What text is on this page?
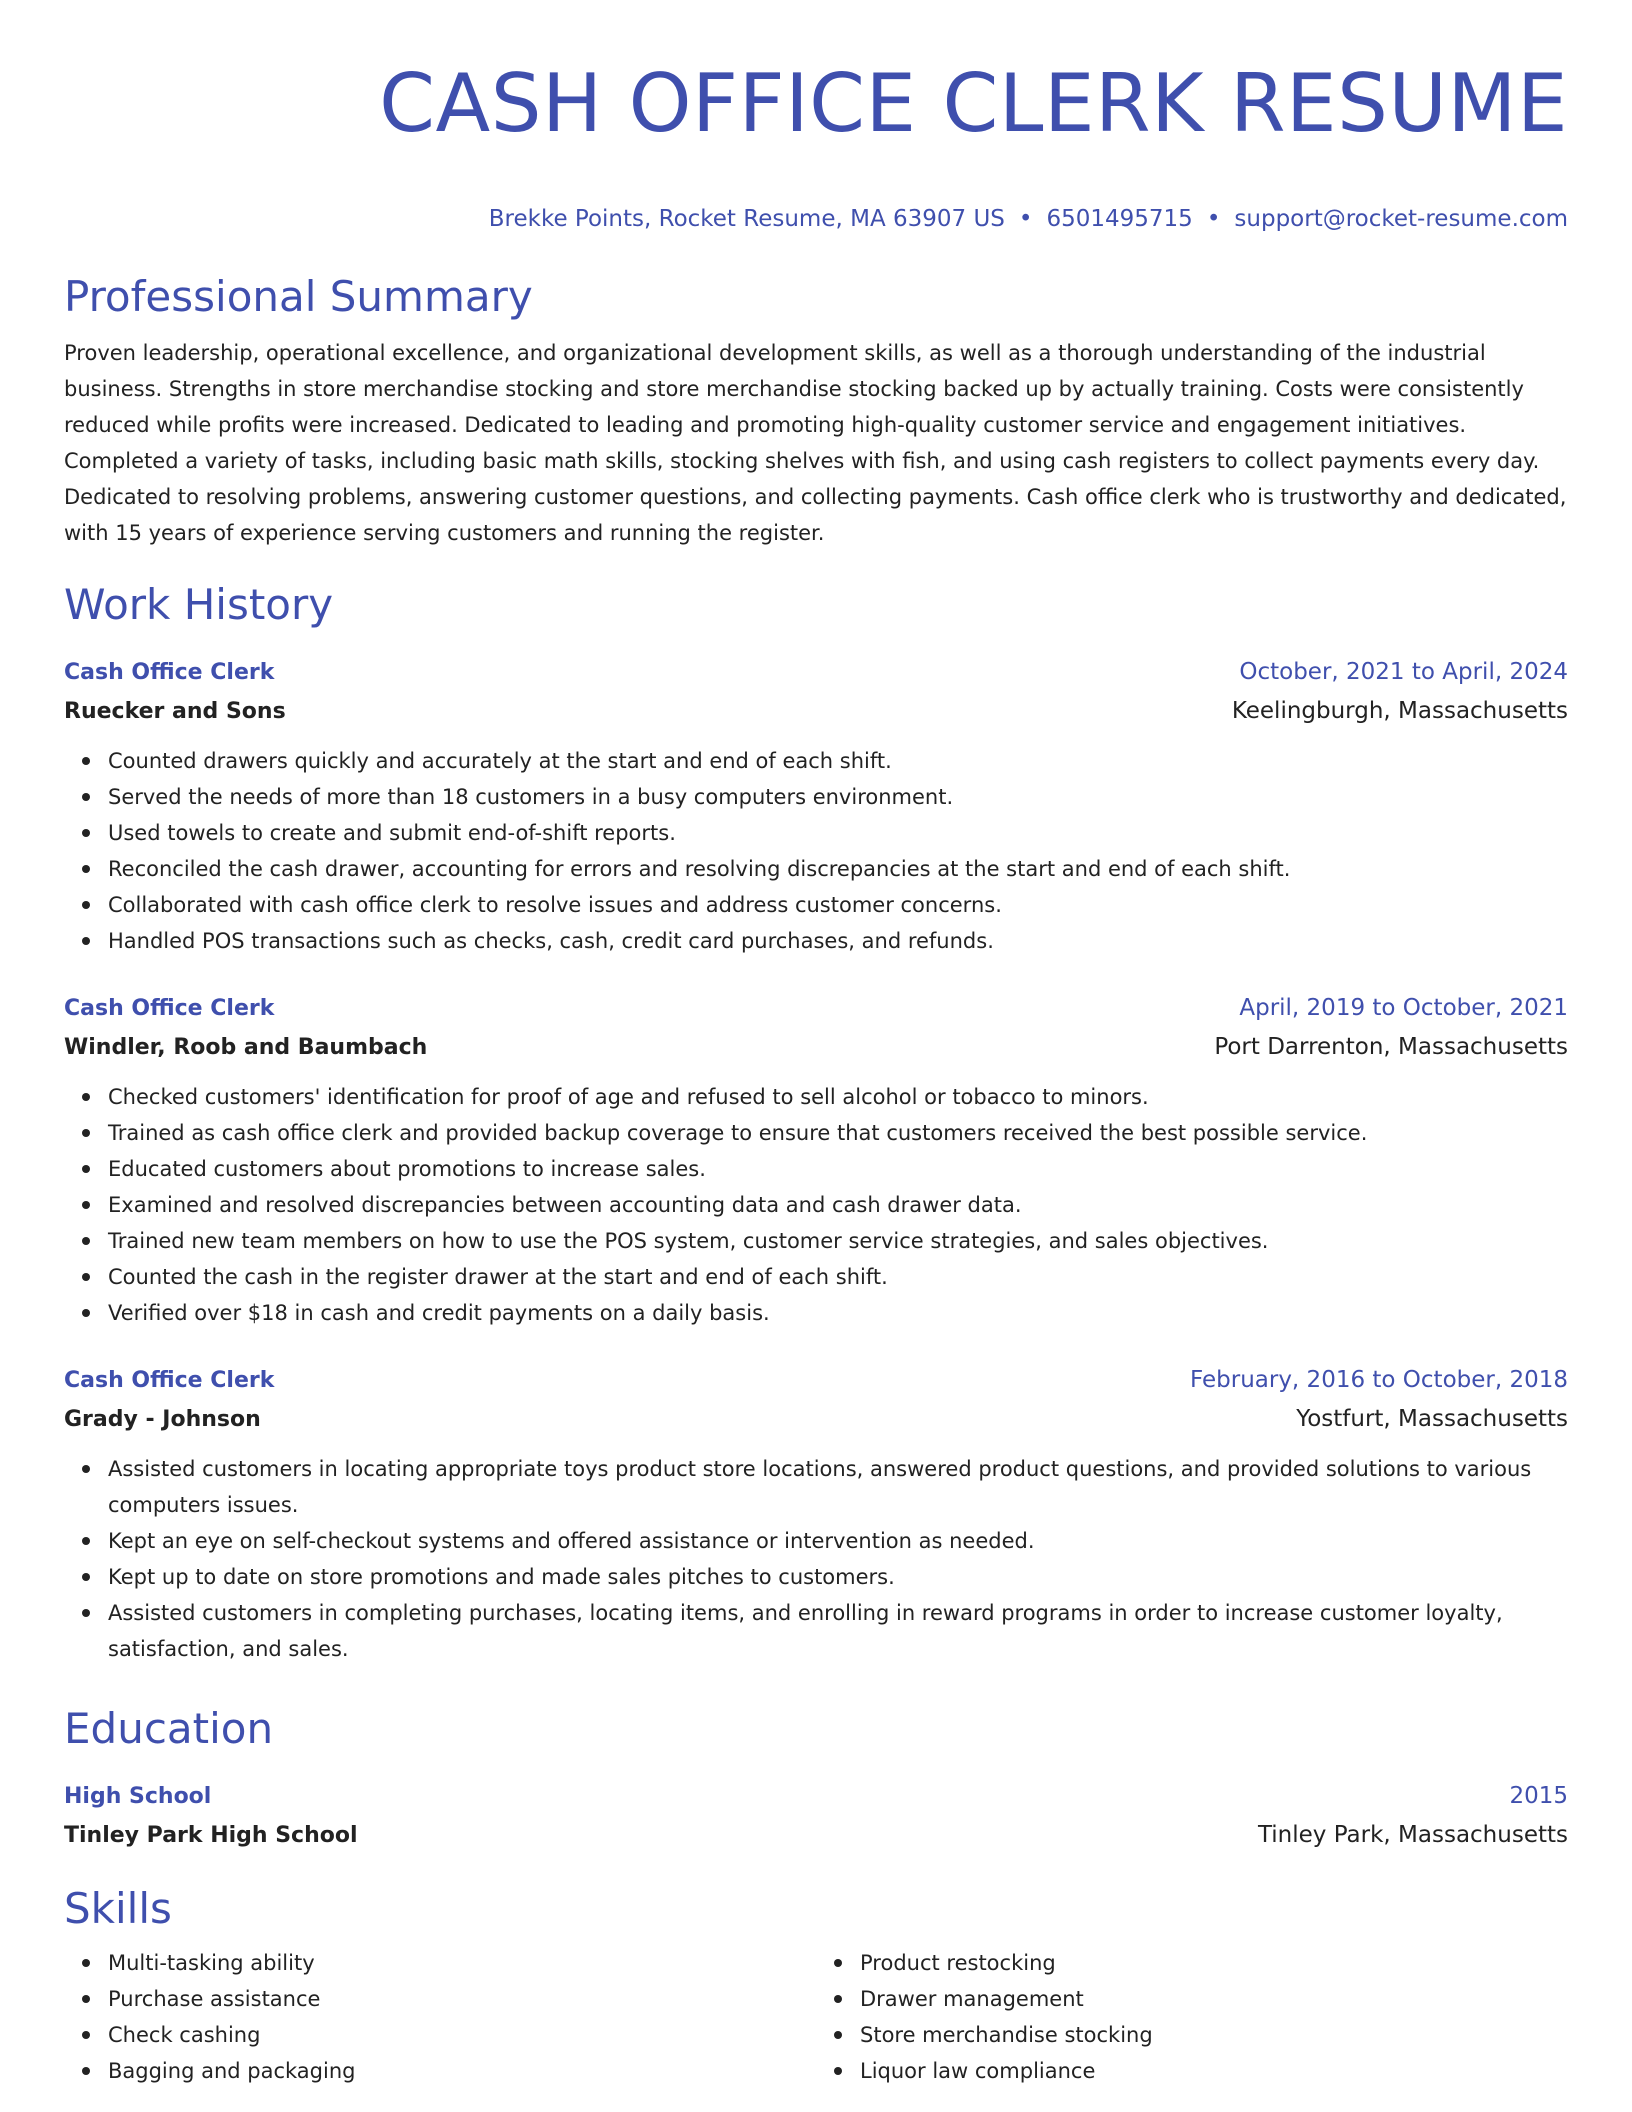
CASH OFFICE CLERK RESUME
Brekke Points, Rocket Resume, MA 63907 US • 6501495715 • support@rocket-resume.com
Professional Summary
Proven leadership, operational excellence, and organizational development skills, as well as a thorough understanding of the industrial business. Strengths in store merchandise stocking and store merchandise stocking backed up by actually training. Costs were consistently reduced while profits were increased. Dedicated to leading and promoting high-quality customer service and engagement initiatives. Completed a variety of tasks, including basic math skills, stocking shelves with fish, and using cash registers to collect payments every day. Dedicated to resolving problems, answering customer questions, and collecting payments. Cash office clerk who is trustworthy and dedicated, with 15 years of experience serving customers and running the register.
Work History
Cash Office Clerk	October, 2021 to April, 2024
Ruecker and Sons	Keelingburgh, Massachusetts
Counted drawers quickly and accurately at the start and end of each shift.
Served the needs of more than 18 customers in a busy computers environment.
Used towels to create and submit end-of-shift reports.
Reconciled the cash drawer, accounting for errors and resolving discrepancies at the start and end of each shift.
Collaborated with cash office clerk to resolve issues and address customer concerns.
Handled POS transactions such as checks, cash, credit card purchases, and refunds.
Cash Office Clerk	April, 2019 to October, 2021
Windler, Roob and Baumbach	Port Darrenton, Massachusetts
Checked customers' identification for proof of age and refused to sell alcohol or tobacco to minors.
Trained as cash office clerk and provided backup coverage to ensure that customers received the best possible service.
Educated customers about promotions to increase sales.
Examined and resolved discrepancies between accounting data and cash drawer data.
Trained new team members on how to use the POS system, customer service strategies, and sales objectives.
Counted the cash in the register drawer at the start and end of each shift.
Verified over $18 in cash and credit payments on a daily basis.
Cash Office Clerk	February, 2016 to October, 2018
Grady - Johnson	Yostfurt, Massachusetts
Assisted customers in locating appropriate toys product store locations, answered product questions, and provided solutions to various computers issues.
Kept an eye on self-checkout systems and offered assistance or intervention as needed.
Kept up to date on store promotions and made sales pitches to customers.
Assisted customers in completing purchases, locating items, and enrolling in reward programs in order to increase customer loyalty, satisfaction, and sales.
Education
High School	2015
Tinley Park High School	Tinley Park, Massachusetts
Skills
Multi-tasking ability
Purchase assistance
Check cashing
Bagging and packaging
Product restocking
Drawer management
Store merchandise stocking
Liquor law compliance
